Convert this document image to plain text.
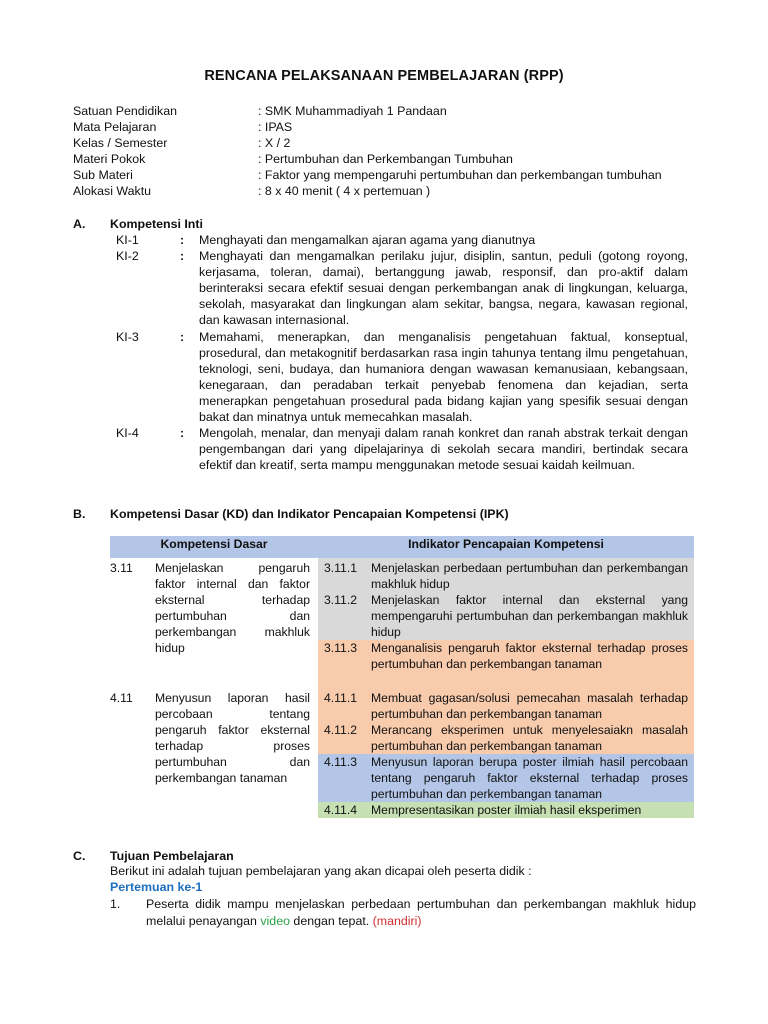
RENCANA PELAKSANAAN PEMBELAJARAN (RPP)
Satuan Pendidikan	: SMK Muhammadiyah 1 Pandaan
Mata Pelajaran	: IPAS
Kelas / Semester	: X / 2
Materi Pokok	: Pertumbuhan dan Perkembangan Tumbuhan
Sub Materi	: Faktor yang mempengaruhi pertumbuhan dan perkembangan tumbuhan
Alokasi Waktu	: 8 x 40 menit ( 4 x pertemuan )
A. Kompetensi Inti
KI-1	: Menghayati dan mengamalkan ajaran agama yang dianutnya
KI-2	: Menghayati dan mengamalkan perilaku jujur, disiplin, santun, peduli (gotong royong, kerjasama, toleran, damai), bertanggung jawab, responsif, dan pro-aktif dalam berinteraksi secara efektif sesuai dengan perkembangan anak di lingkungan, keluarga, sekolah, masyarakat dan lingkungan alam sekitar, bangsa, negara, kawasan regional, dan kawasan internasional.
KI-3	: Memahami, menerapkan, dan menganalisis pengetahuan faktual, konseptual, prosedural, dan metakognitif berdasarkan rasa ingin tahunya tentang ilmu pengetahuan, teknologi, seni, budaya, dan humaniora dengan wawasan kemanusiaan, kebangsaan, kenegaraan, dan peradaban terkait penyebab fenomena dan kejadian, serta menerapkan pengetahuan prosedural pada bidang kajian yang spesifik sesuai dengan bakat dan minatnya untuk memecahkan masalah.
KI-4	: Mengolah, menalar, dan menyaji dalam ranah konkret dan ranah abstrak terkait dengan pengembangan dari yang dipelajarinya di sekolah secara mandiri, bertindak secara efektif dan kreatif, serta mampu menggunakan metode sesuai kaidah keilmuan.
B. Kompetensi Dasar (KD) dan Indikator Pencapaian Kompetensi (IPK)
Kompetensi Dasar		Indikator Pencapaian Kompetensi	
3.11	Menjelaskan pengaruh faktor internal dan faktor eksternal terhadap pertumbuhan dan perkembangan makhluk hidup	3.11.1	Menjelaskan perbedaan pertumbuhan dan perkembangan makhluk hidup
		3.11.2	Menjelaskan faktor internal dan eksternal yang mempengaruhi pertumbuhan dan perkembangan makhluk hidup
		3.11.3	Menganalisis pengaruh faktor eksternal terhadap proses pertumbuhan dan perkembangan tanaman
4.11	Menyusun laporan hasil percobaan tentang pengaruh faktor eksternal terhadap proses pertumbuhan dan perkembangan tanaman	4.11.1	Membuat gagasan/solusi pemecahan masalah terhadap pertumbuhan dan perkembangan tanaman
		4.11.2	Merancang eksperimen untuk menyelesaiakn masalah pertumbuhan dan perkembangan tanaman
		4.11.3	Menyusun laporan berupa poster ilmiah hasil percobaan tentang pengaruh faktor eksternal terhadap proses pertumbuhan dan perkembangan tanaman
		4.11.4	Mempresentasikan poster ilmiah hasil eksperimen
C. Tujuan Pembelajaran
Berikut ini adalah tujuan pembelajaran yang akan dicapai oleh peserta didik :
Pertemuan ke-1
1. Peserta didik mampu menjelaskan perbedaan pertumbuhan dan perkembangan makhluk hidup melalui penayangan video dengan tepat. (mandiri)
